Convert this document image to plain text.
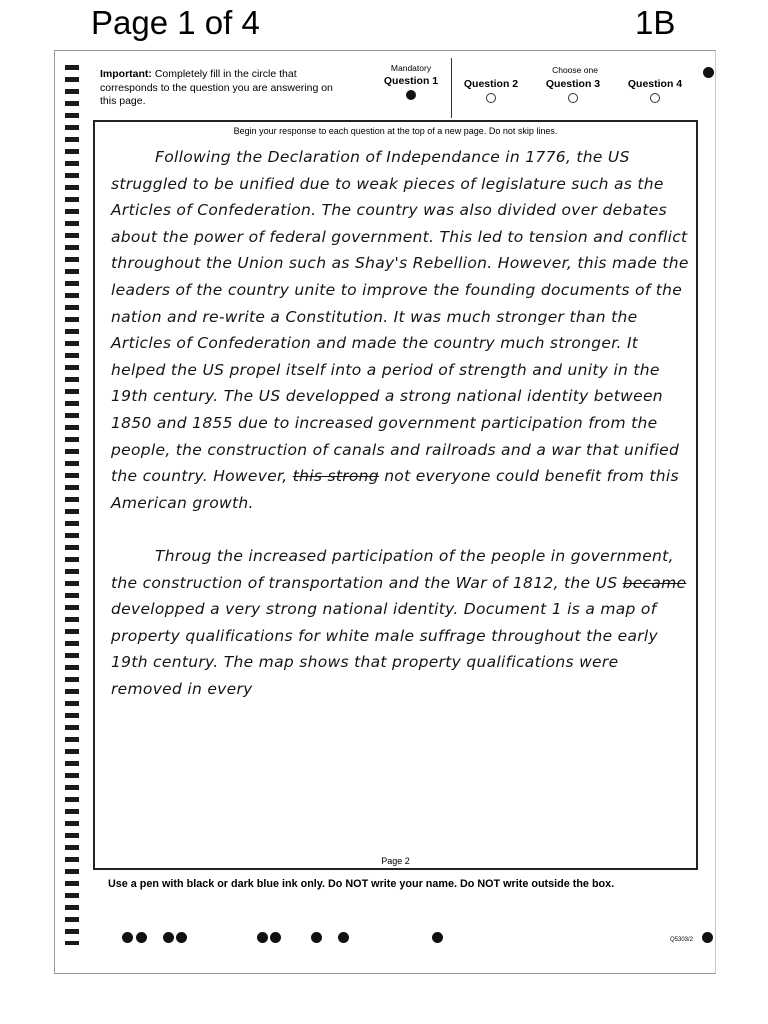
Page 1 of 4	1B
Important: Completely fill in the circle that corresponds to the question you are answering on this page.
Mandatory
Question 1
Choose one
Question 2	Question 3	Question 4
Begin your response to each question at the top of a new page. Do not skip lines.

Following the Declaration of Independance in 1776, the US struggled to be unified due to weak pieces of legislature such as the Articles of Confederation. The country was also divided over debates about the power of federal government. This led to tension and conflict throughout the Union such as Shay's Rebellion. However, this made the leaders of the country unite to improve the founding documents of the nation and re-write a Constitution. It was much stronger than the Articles of Confederation and made the country much stronger. It helped the US propel itself into a period of strength and unity in the 19th century. The US developped a strong national identity between 1850 and 1855 due to increased government participation from the people, the construction of canals and railroads and a war that unified the country. However, this strong not everyone could benefit from this American growth.

Throug the increased participation of the people in government, the construction of transportation and the War of 1812, the US became developped a very strong national identity. Document 1 is a map of property qualifications for white male suffrage throughout the early 19th century. The map shows that property qualifications were removed in every

Page 2
Use a pen with black or dark blue ink only. Do NOT write your name. Do NOT write outside the box.
Q5303/2
